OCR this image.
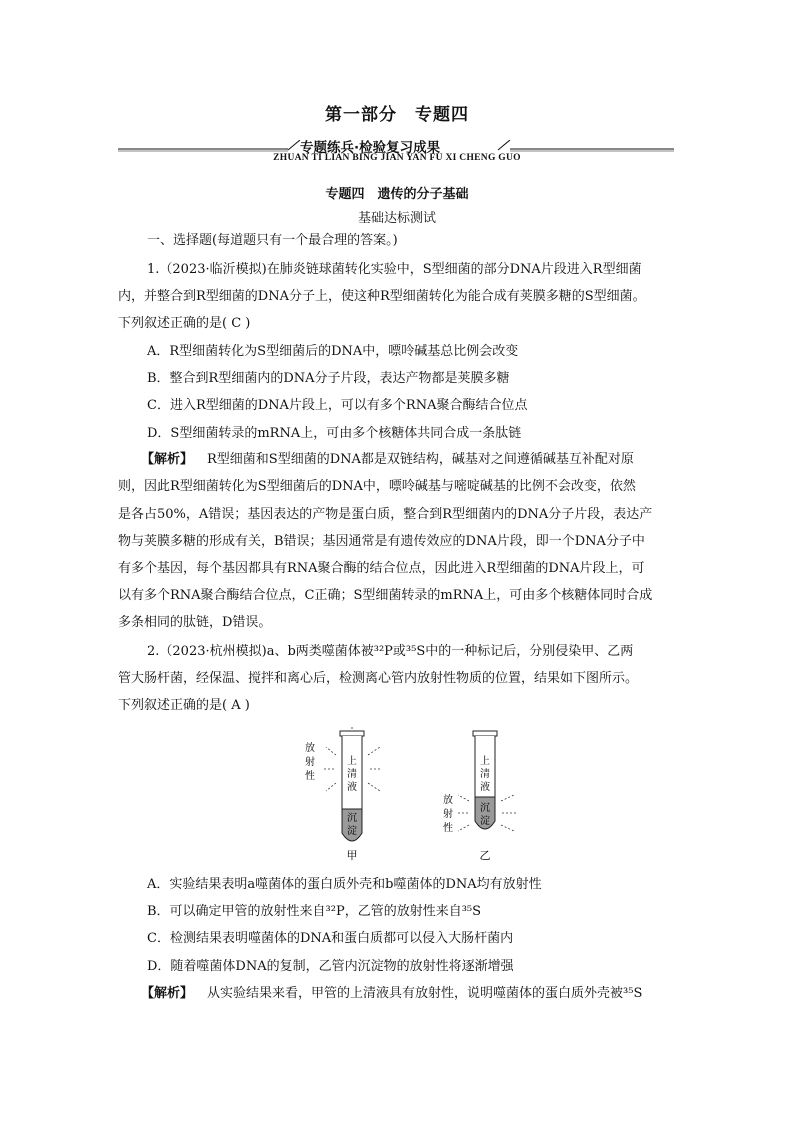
第一部分　专题四
专题练兵·检验复习成果
ZHUAN TI LIAN BING JIAN YAN FU XI CHENG GUO
专题四　遗传的分子基础
基础达标测试
一、选择题(每道题只有一个最合理的答案。)
1.（2023·临沂模拟)在肺炎链球菌转化实验中，S型细菌的部分DNA片段进入R型细菌
内，并整合到R型细菌的DNA分子上，使这种R型细菌转化为能合成有荚膜多糖的S型细菌。
下列叙述正确的是( C )
A．R型细菌转化为S型细菌后的DNA中，嘌呤碱基总比例会改变
B．整合到R型细菌内的DNA分子片段，表达产物都是荚膜多糖
C．进入R型细菌的DNA片段上，可以有多个RNA聚合酶结合位点
D．S型细菌转录的mRNA上，可由多个核糖体共同合成一条肽链
【解析】 R型细菌和S型细菌的DNA都是双链结构，碱基对之间遵循碱基互补配对原
则，因此R型细菌转化为S型细菌后的DNA中，嘌呤碱基与嘧啶碱基的比例不会改变，依然
是各占50%，A错误；基因表达的产物是蛋白质，整合到R型细菌内的DNA分子片段，表达产
物与荚膜多糖的形成有关，B错误；基因通常是有遗传效应的DNA片段，即一个DNA分子中
有多个基因，每个基因都具有RNA聚合酶的结合位点，因此进入R型细菌的DNA片段上，可
以有多个RNA聚合酶结合位点，C正确；S型细菌转录的mRNA上，可由多个核糖体同时合成
多条相同的肽链，D错误。
2.（2023·杭州模拟)a、b两类噬菌体被³²P或³⁵S中的一种标记后，分别侵染甲、乙两
管大肠杆菌，经保温、搅拌和离心后，检测离心管内放射性物质的位置，结果如下图所示。
下列叙述正确的是( A )
上
清
液
沉
淀
放
射
性
甲
上
清
液
沉
淀
放
射
性
乙
A．实验结果表明a噬菌体的蛋白质外壳和b噬菌体的DNA均有放射性
B．可以确定甲管的放射性来自³²P，乙管的放射性来自³⁵S
C．检测结果表明噬菌体的DNA和蛋白质都可以侵入大肠杆菌内
D．随着噬菌体DNA的复制，乙管内沉淀物的放射性将逐渐增强
【解析】 从实验结果来看，甲管的上清液具有放射性，说明噬菌体的蛋白质外壳被³⁵S
